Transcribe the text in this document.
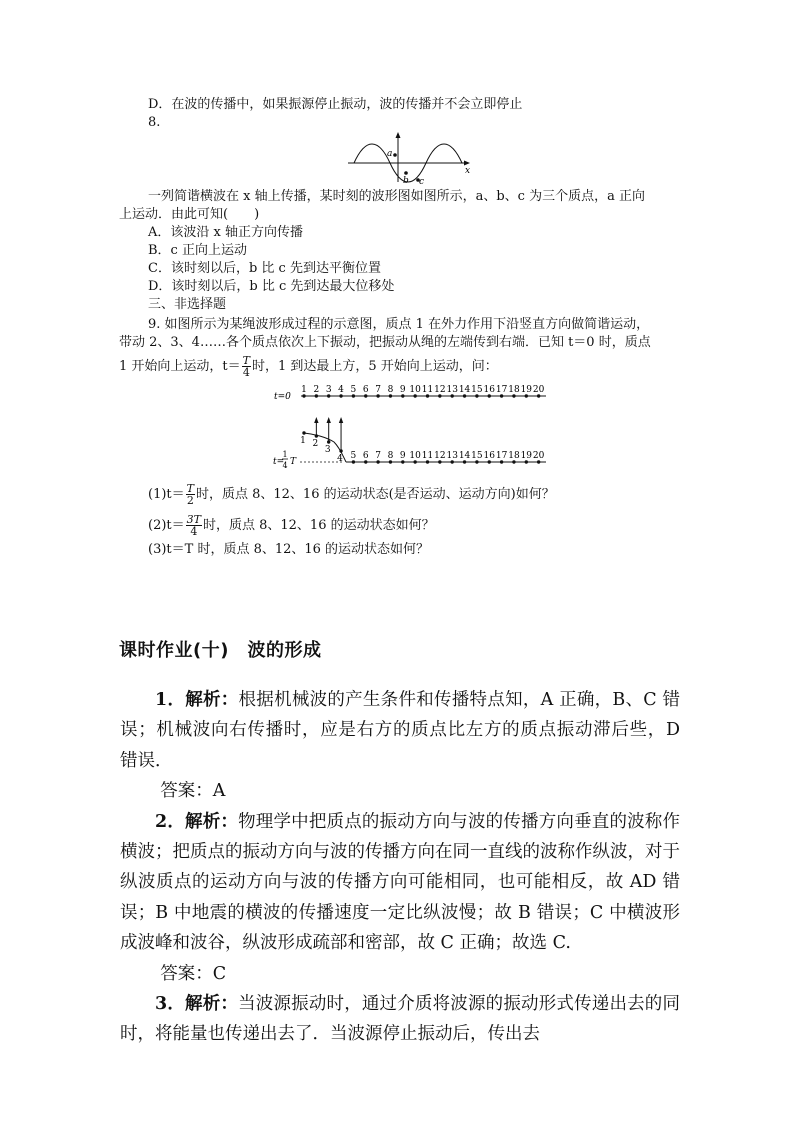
D．在波的传播中，如果振源停止振动，波的传播并不会立即停止
8.
a
b c
x
一列简谐横波在 x 轴上传播，某时刻的波形图如图所示，a、b、c 为三个质点，a 正向
上运动．由此可知(　　)
A．该波沿 x 轴正方向传播
B．c 正向上运动
C．该时刻以后，b 比 c 先到达平衡位置
D．该时刻以后，b 比 c 先到达最大位移处
三、非选择题
9. 如图所示为某绳波形成过程的示意图，质点 1 在外力作用下沿竖直方向做简谐运动，
带动 2、3、4……各个质点依次上下振动，把振动从绳的左端传到右端．已知 t＝0 时，质点
1 开始向上运动，$t= \frac{T}{4}$ 时，1 到达最上方，5 开始向上运动，问：
t=0
1 2 3 4 5 6 7 8 9 10 11 12 13 14 15 16 17 18 19 20
t=
1
4 T
1 2
3
4 5 6 7 8 9 10 11 12 13 14 15 16 17 18 19 20
$(1)t= \frac{T}{2}$ 时，质点 8、12、16 的运动状态(是否运动、运动方向)如何？
$(2)t= \frac{3T}{4}$ 时，质点 8、12、16 的运动状态如何？
(3)t＝T 时，质点 8、12、16 的运动状态如何？
课时作业(十)　波的形成

1．解析：根据机械波的产生条件和传播特点知，A 正确，B、C 错误；机械波向右传播时，应是右方的质点比左方的质点振动滞后些，D 错误．

答案：A

2．解析：物理学中把质点的振动方向与波的传播方向垂直的波称作横波；把质点的振动方向与波的传播方向在同一直线的波称作纵波，对于纵波质点的运动方向与波的传播方向可能相同，也可能相反，故 AD 错误；B 中地震的横波的传播速度一定比纵波慢；故 B 错误；C 中横波形成波峰和波谷，纵波形成疏部和密部，故 C 正确；故选 C.

答案：C

3．解析：当波源振动时，通过介质将波源的振动形式传递出去的同时，将能量也传递出去了．当波源停止振动后，传出去
